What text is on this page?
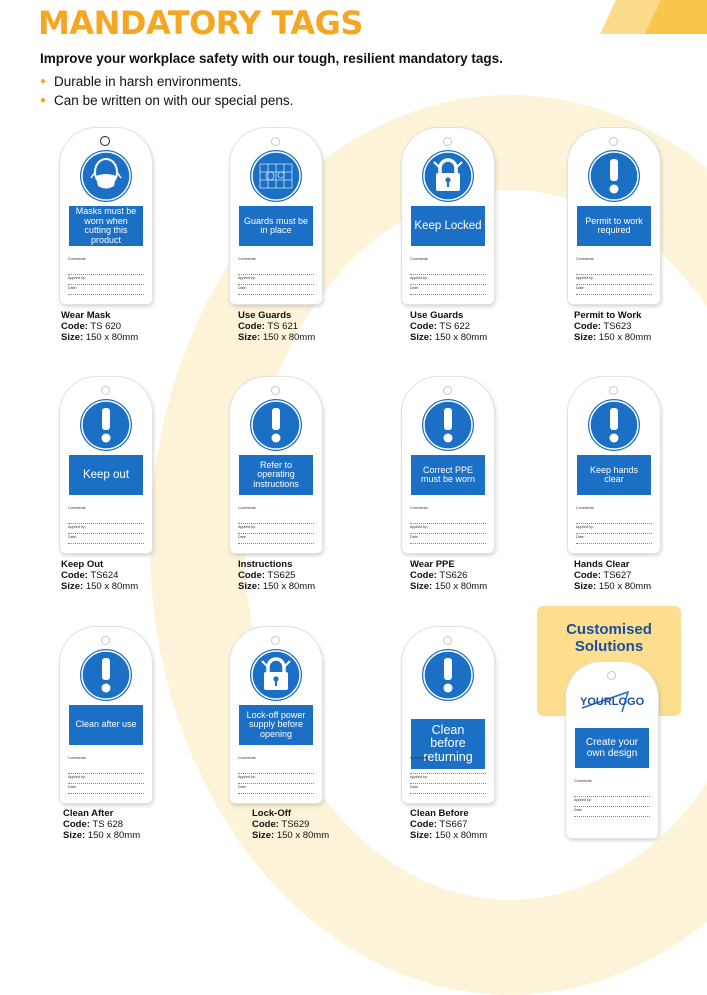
MANDATORY TAGS
Improve your workplace safety with our tough, resilient mandatory tags.
● Durable in harsh environments.
● Can be written on with our special pens.
Customised Solutions
Masks must be worn when cutting this product
Comments:
Applied by:
Date:
Wear Mask
Code: TS 620
Size: 150 x 80mm
Guards must be in place
Comments:
Applied by:
Date:
Use Guards
Code: TS 621
Size: 150 x 80mm
Keep Locked
Comments:
Applied by:
Date:
Use Guards
Code: TS 622
Size: 150 x 80mm
Permit to work required
Comments:
Applied by:
Date:
Permit to Work
Code: TS623
Size: 150 x 80mm
Keep out
Comments:
Applied by:
Date:
Keep Out
Code: TS624
Size: 150 x 80mm
Refer to operating instructions
Comments:
Applied by:
Date:
Instructions
Code: TS625
Size: 150 x 80mm
Correct PPE must be worn
Comments:
Applied by:
Date:
Wear PPE
Code: TS626
Size: 150 x 80mm
Keep hands clear
Comments:
Applied by:
Date:
Hands Clear
Code: TS627
Size: 150 x 80mm
Clean after use
Comments:
Applied by:
Date:
Clean After
Code: TS 628
Size: 150 x 80mm
Lock-off power supply before opening
Comments:
Applied by:
Date:
Lock-Off
Code: TS629
Size: 150 x 80mm
Clean before returning
Comments:
Applied by:
Date:
Clean Before
Code: TS667
Size: 150 x 80mm
YOURLOGO
Create your own design
Comments:
Applied by:
Date:
